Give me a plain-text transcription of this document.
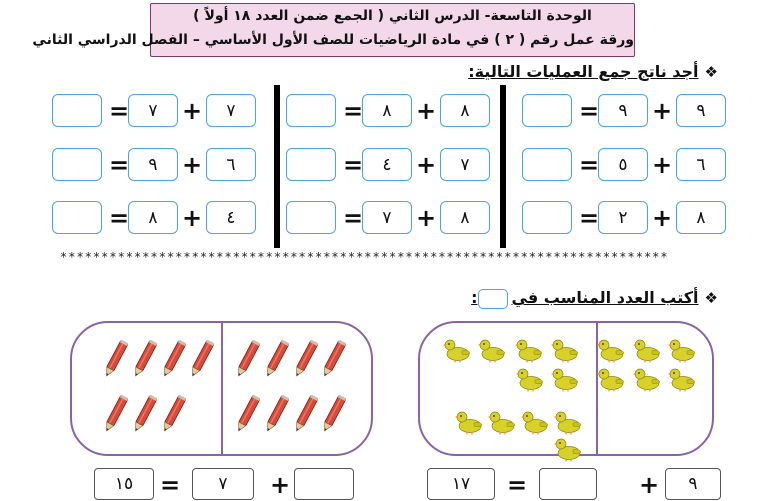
الوحدة التاسعة- الدرس الثاني ( الجمع ضمن العدد ١٨ أولاً )
ورقة عمل رقم ( ٢ ) في مادة الرياضيات للصف الأول الأساسي – الفصل الدراسي الثاني
❖أجد ناتج جمع العمليات التالية:
٩
+
٩
=
٨
+
٨
=
٧
+
٧
=
٦
+
٥
=
٧
+
٤
=
٦
+
٩
=
٨
+
٢
=
٨
+
٧
=
٤
+
٨
=
**************************************************************************
❖أكتب العدد المناسب في:
٩
+
=
١٧
+
٧
=
١٥
